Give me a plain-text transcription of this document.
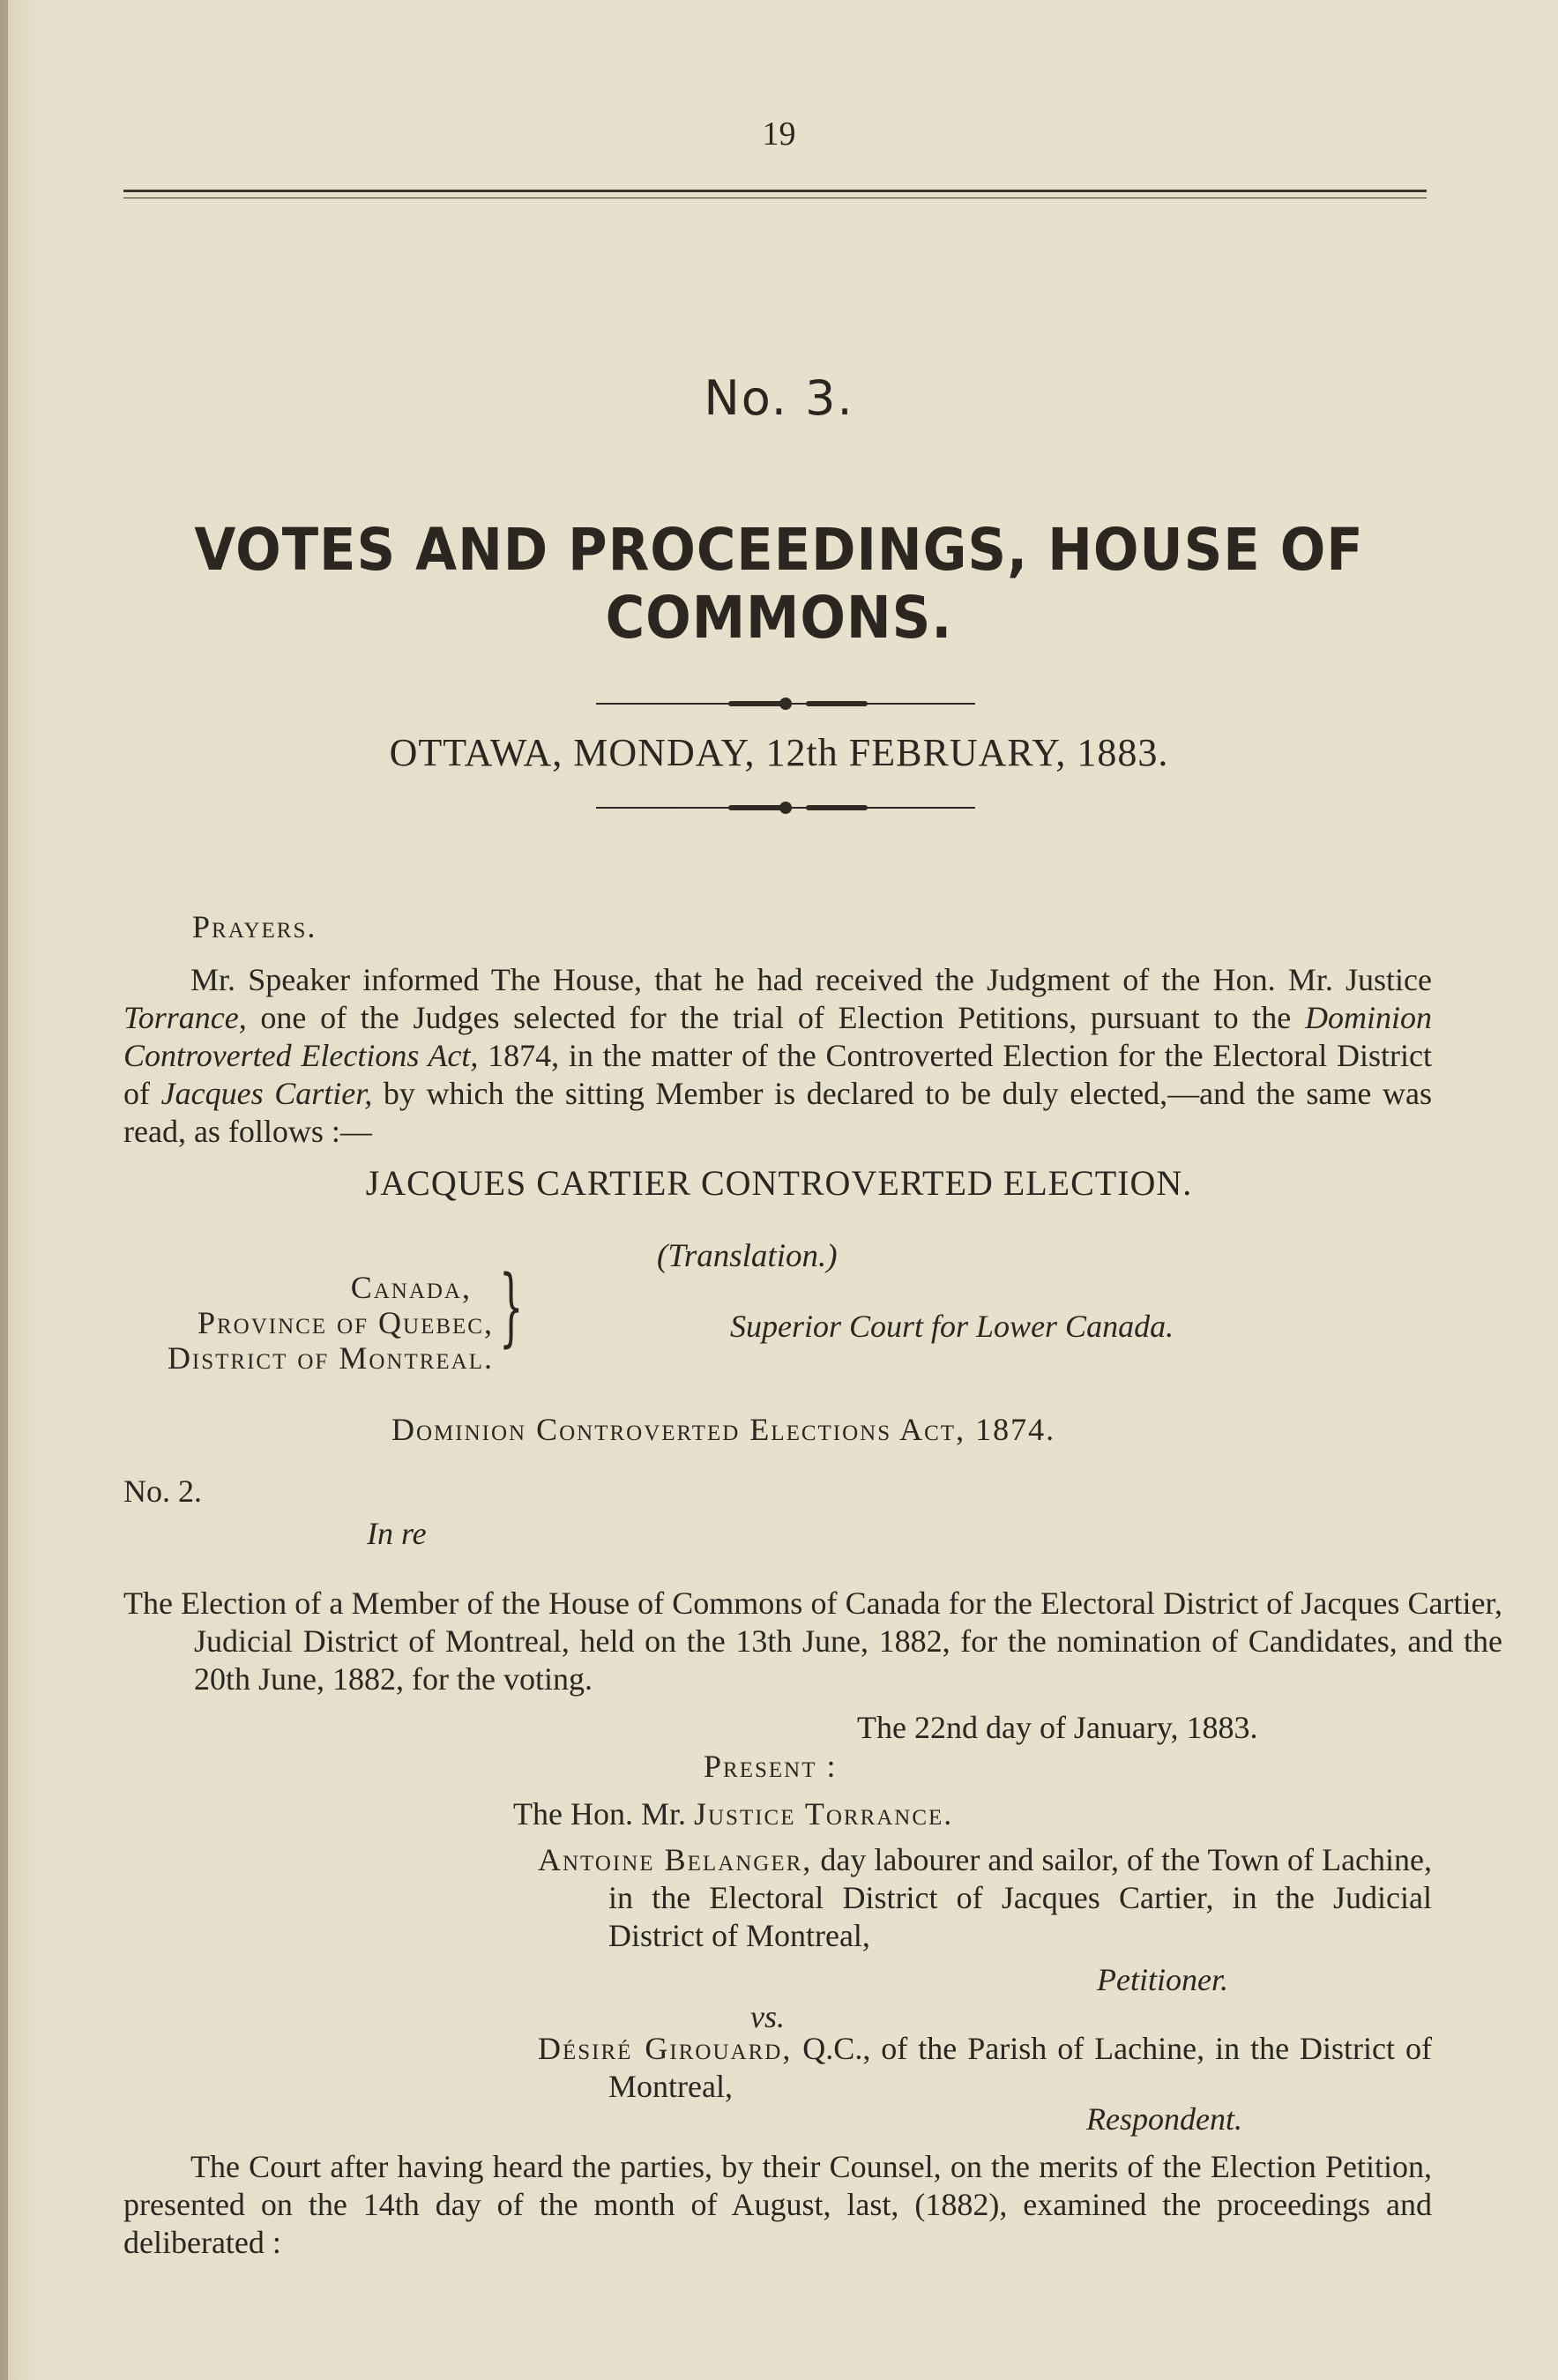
19
No. 3.
VOTES AND PROCEEDINGS, HOUSE OF COMMONS.
OTTAWA, MONDAY, 12th FEBRUARY, 1883.
Prayers.
Mr. Speaker informed The House, that he had received the Judgment of the Hon. Mr. Justice Torrance, one of the Judges selected for the trial of Election Petitions, pursuant to the Dominion Controverted Elections Act, 1874, in the matter of the Controverted Election for the Electoral District of Jacques Cartier, by which the sitting Member is declared to be duly elected,—and the same was read, as follows :—
JACQUES CARTIER CONTROVERTED ELECTION.
(Translation.)
Canada,
Province of Quebec,
District of Montreal.
}	Superior Court for Lower Canada.
Dominion Controverted Elections Act, 1874.
No. 2.
In re
The Election of a Member of the House of Commons of Canada for the Electoral District of Jacques Cartier, Judicial District of Montreal, held on the 13th June, 1882, for the nomination of Candidates, and the 20th June, 1882, for the voting.
The 22nd day of January, 1883.
Present :
The Hon. Mr. Justice Torrance.
Antoine Belanger, day labourer and sailor, of the Town of Lachine, in the Electoral District of Jacques Cartier, in the Judicial District of Montreal,
Petitioner.
vs.
Désiré Girouard, Q.C., of the Parish of Lachine, in the District of Montreal,
Respondent.
The Court after having heard the parties, by their Counsel, on the merits of the Election Petition, presented on the 14th day of the month of August, last, (1882), examined the proceedings and deliberated :
